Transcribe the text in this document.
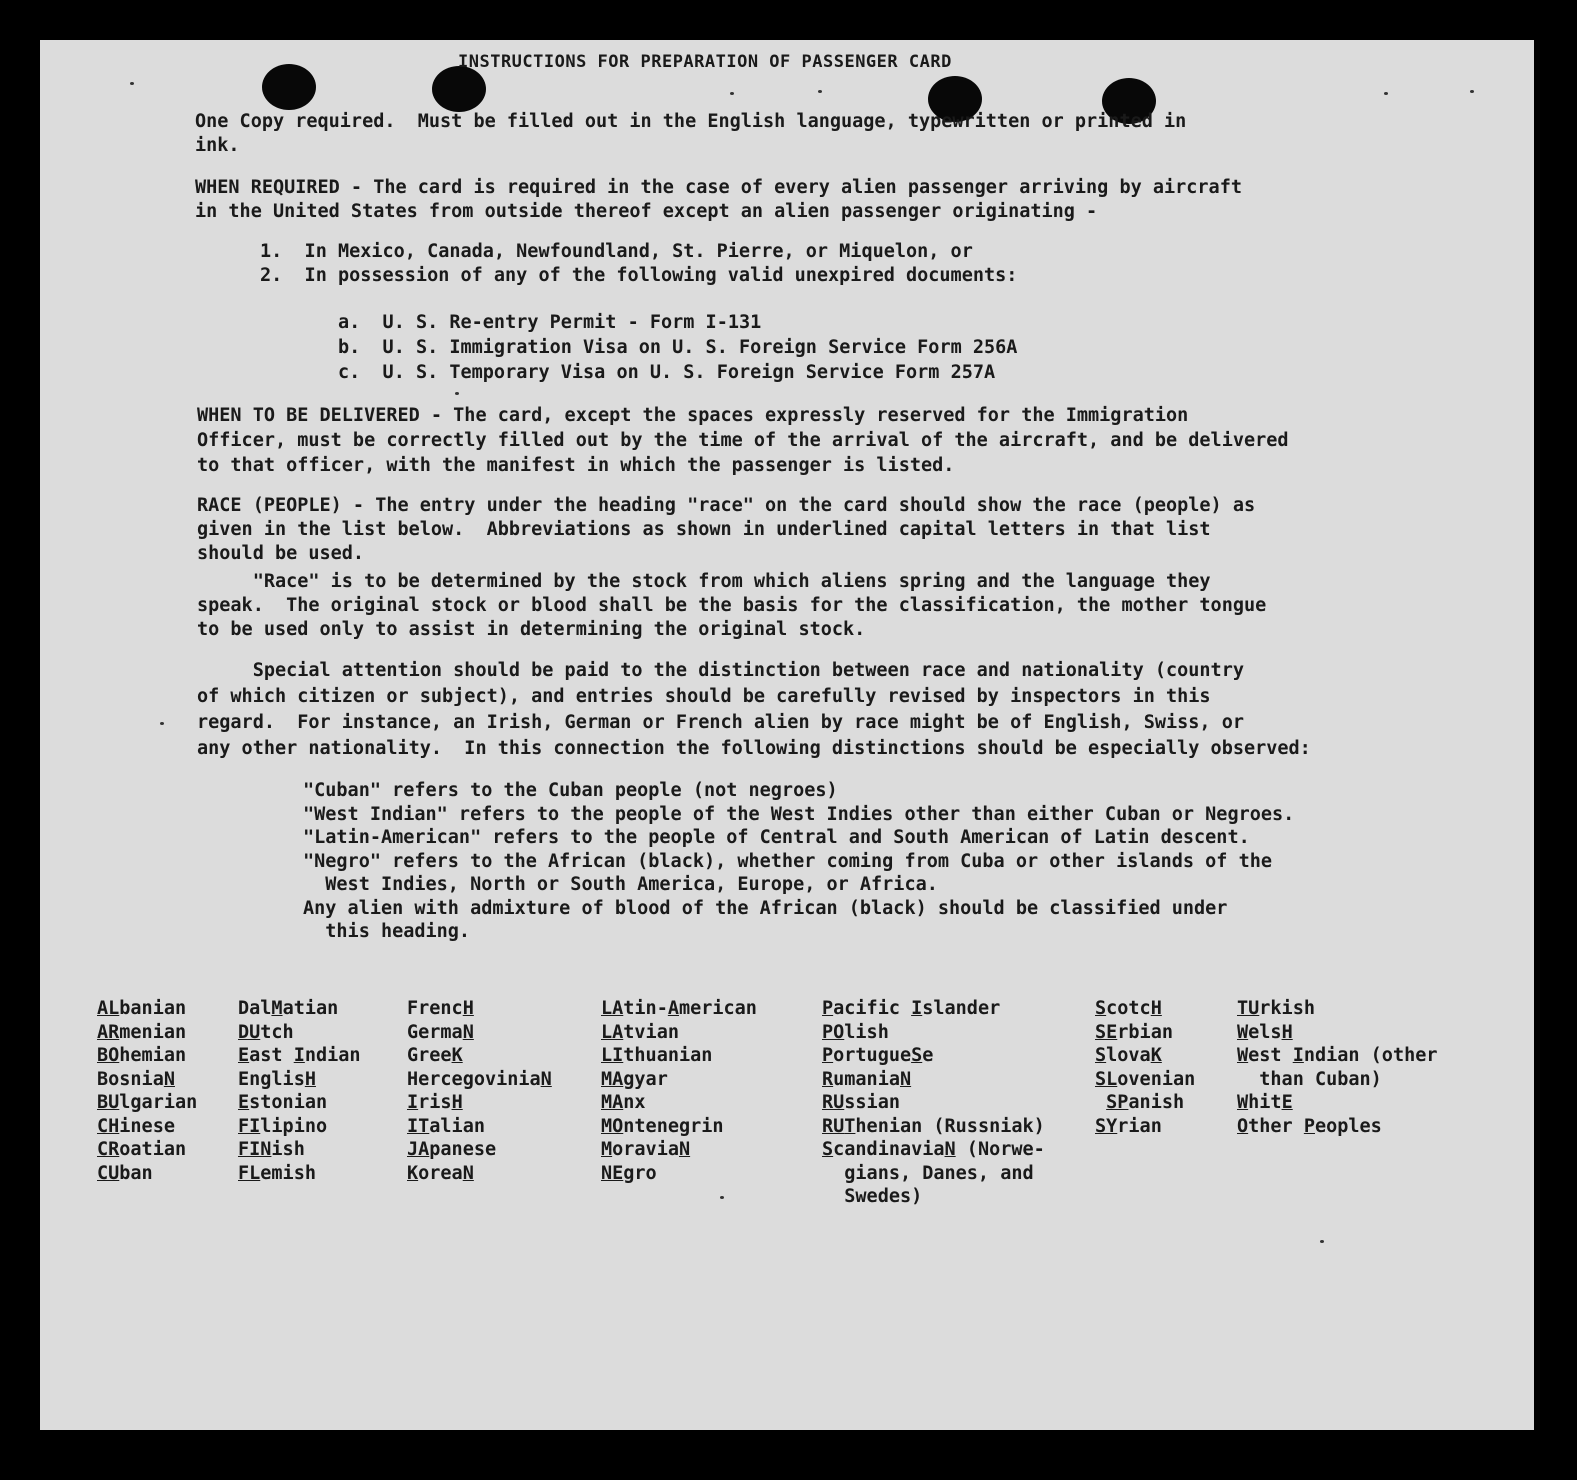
INSTRUCTIONS FOR PREPARATION OF PASSENGER CARD
One Copy required.  Must be filled out in the English language, typewritten or printed in
ink.
WHEN REQUIRED - The card is required in the case of every alien passenger arriving by aircraft
in the United States from outside thereof except an alien passenger originating -
1.  In Mexico, Canada, Newfoundland, St. Pierre, or Miquelon, or
2.  In possession of any of the following valid unexpired documents:
a.  U. S. Re-entry Permit - Form I-131
b.  U. S. Immigration Visa on U. S. Foreign Service Form 256A
c.  U. S. Temporary Visa on U. S. Foreign Service Form 257A
WHEN TO BE DELIVERED - The card, except the spaces expressly reserved for the Immigration
Officer, must be correctly filled out by the time of the arrival of the aircraft, and be delivered
to that officer, with the manifest in which the passenger is listed.
RACE (PEOPLE) - The entry under the heading "race" on the card should show the race (people) as
given in the list below.  Abbreviations as shown in underlined capital letters in that list
should be used.
"Race" is to be determined by the stock from which aliens spring and the language they
speak.  The original stock or blood shall be the basis for the classification, the mother tongue
to be used only to assist in determining the original stock.
Special attention should be paid to the distinction between race and nationality (country
of which citizen or subject), and entries should be carefully revised by inspectors in this
regard.  For instance, an Irish, German or French alien by race might be of English, Swiss, or
any other nationality.  In this connection the following distinctions should be especially observed:
"Cuban" refers to the Cuban people (not negroes)
"West Indian" refers to the people of the West Indies other than either Cuban or Negroes.
"Latin-American" refers to the people of Central and South American of Latin descent.
"Negro" refers to the African (black), whether coming from Cuba or other islands of the
West Indies, North or South America, Europe, or Africa.
Any alien with admixture of blood of the African (black) should be classified under
this heading.
ALbanian
ARmenian
BOhemian
BosniaN
BUlgarian
CHinese
CRoatian
CUban
DalMatian
DUtch
East Indian
EnglisH
Estonian
FIlipino
FINish
FLemish
FrencH
GermaN
GreeK
HercegoviniaN
IrisH
ITalian
JApanese
KoreaN
LAtin-American
LAtvian
LIthuanian
MAgyar
MAnx
MOntenegrin
MoraviaN
NEgro
Pacific Islander
POlish
PortugueSe
RumaniaN
RUssian
RUThenian (Russniak)
ScandinaviaN (Norwe-
gians, Danes, and
Swedes)
ScotcH
SErbian
SlovaK
SLovenian
SPanish
SYrian
TUrkish
WelsH
West Indian (other
than Cuban)
WhitE
Other Peoples
